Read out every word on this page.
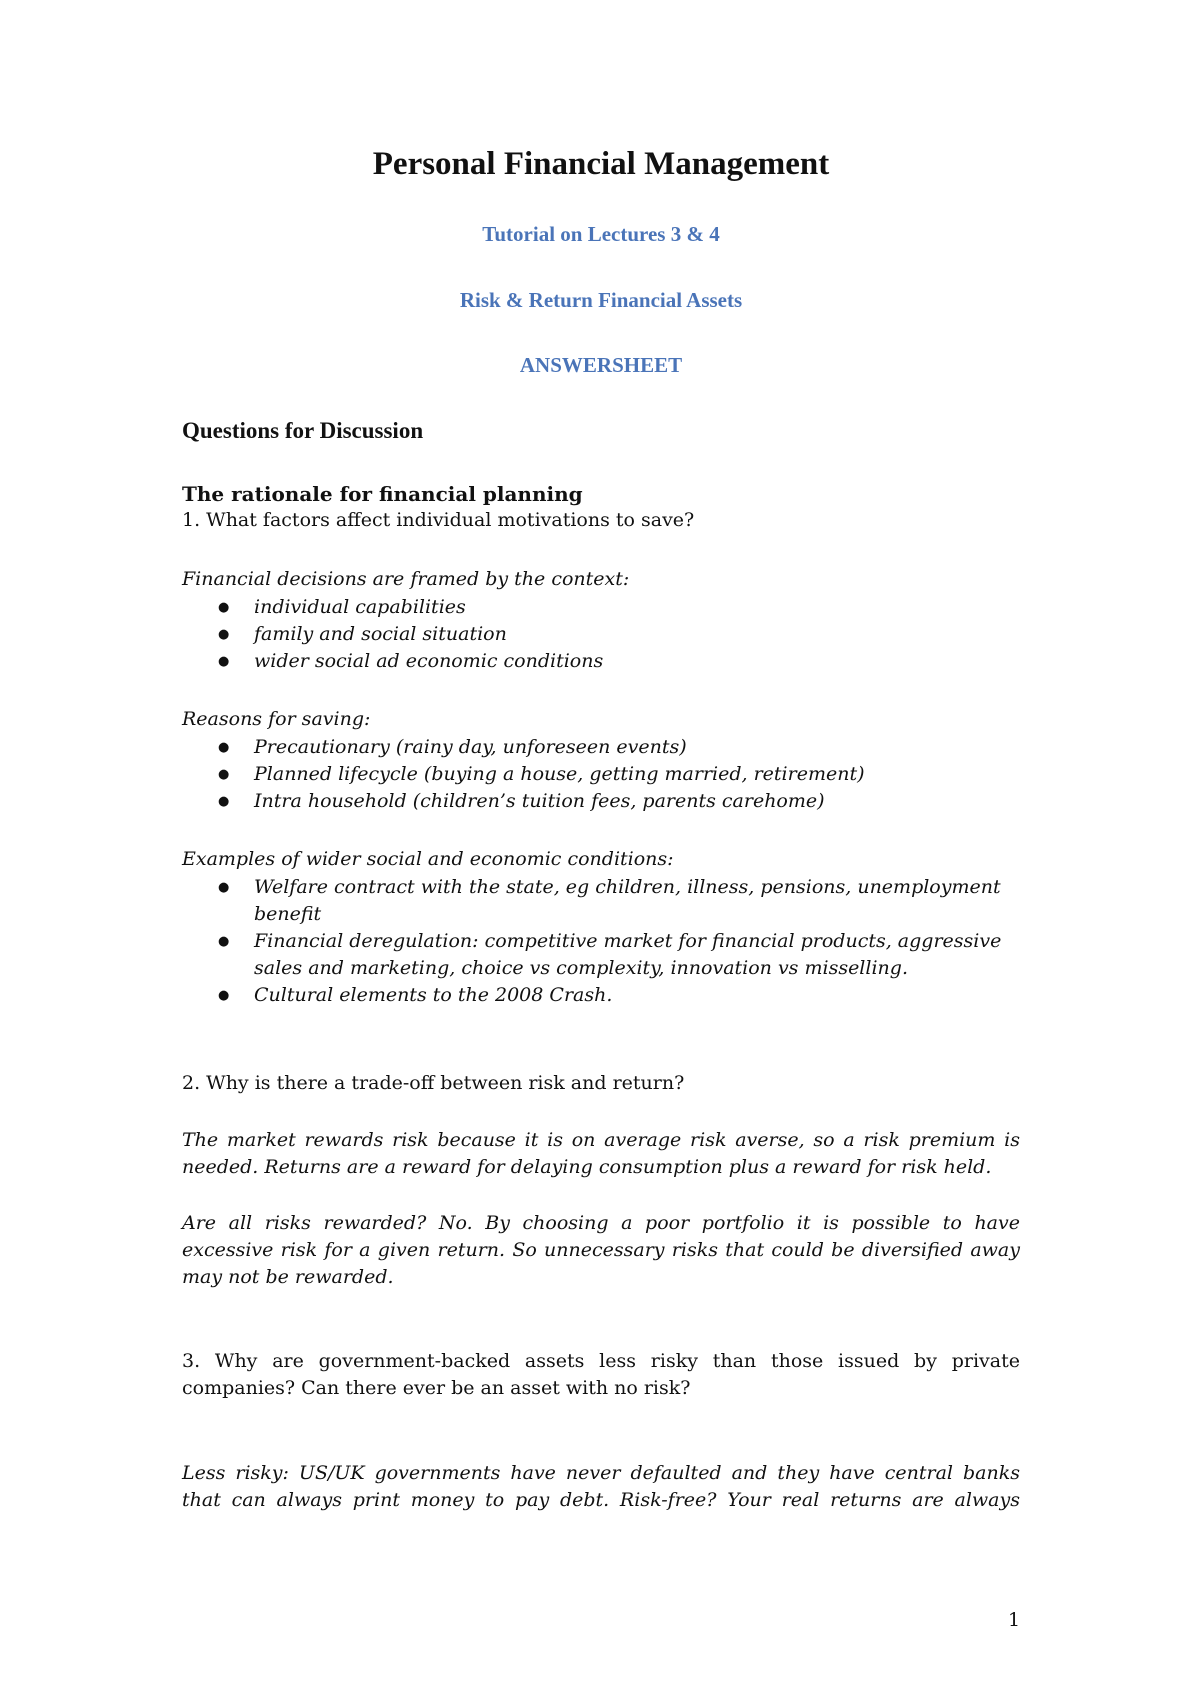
Personal Financial Management
Tutorial on Lectures 3 & 4
Risk & Return Financial Assets
ANSWERSHEET
Questions for Discussion
The rationale for financial planning

1. What factors affect individual motivations to save?

Financial decisions are framed by the context:

● individual capabilities
● family and social situation
● wider social ad economic conditions

Reasons for saving:

● Precautionary (rainy day, unforeseen events)
● Planned lifecycle (buying a house, getting married, retirement)
● Intra household (children’s tuition fees, parents carehome)

Examples of wider social and economic conditions:

● Welfare contract with the state, eg children, illness, pensions, unemployment benefit
● Financial deregulation: competitive market for financial products, aggressive sales and marketing, choice vs complexity, innovation vs misselling.
● Cultural elements to the 2008 Crash.

2. Why is there a trade-off between risk and return?

The market rewards risk because it is on average risk averse, so a risk premium is

needed. Returns are a reward for delaying consumption plus a reward for risk held.

Are all risks rewarded? No. By choosing a poor portfolio it is possible to have

excessive risk for a given return. So unnecessary risks that could be diversified away

may not be rewarded.

3. Why are government-backed assets less risky than those issued by private

companies? Can there ever be an asset with no risk?

Less risky: US/UK governments have never defaulted and they have central banks

that can always print money to pay debt. Risk-free? Your real returns are always

1
